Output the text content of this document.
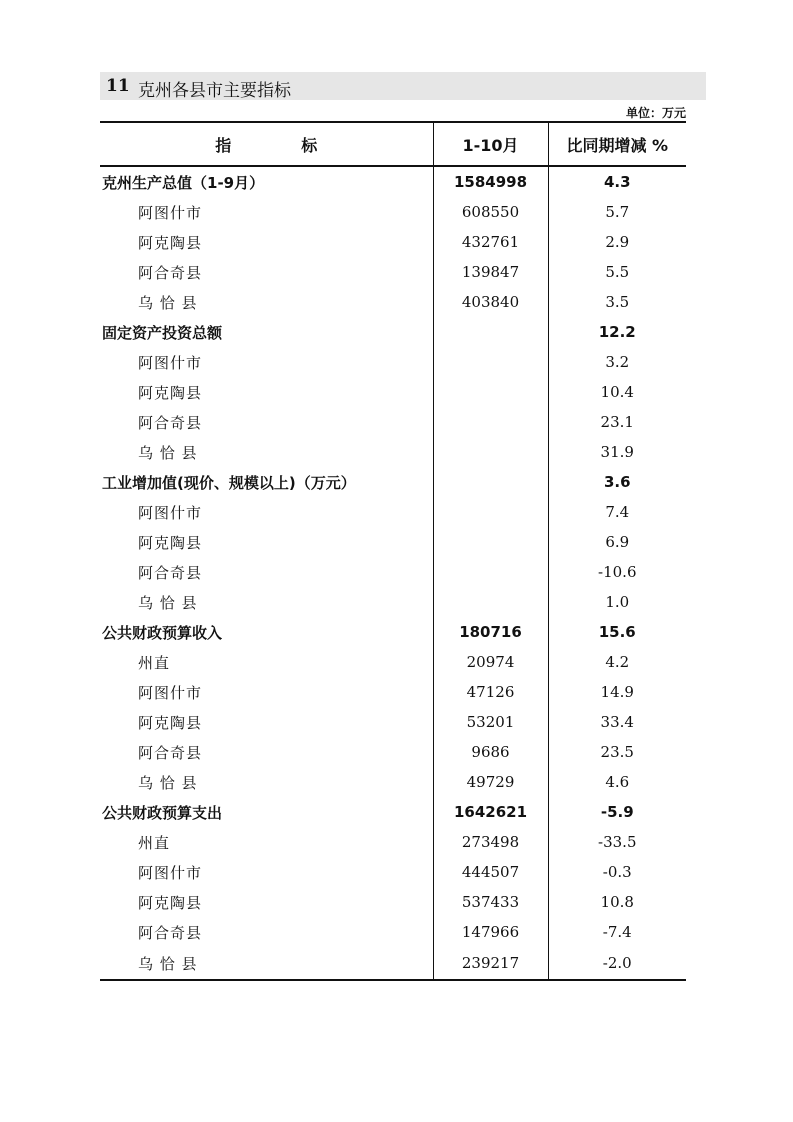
11 克州各县市主要指标
单位：万元
指 标	1-10月	比同期增减 %
克州生产总值（1-9月）	1584998	4.3
阿图什市	608550	5.7
阿克陶县	432761	2.9
阿合奇县	139847	5.5
乌 恰 县	403840	3.5
固定资产投资总额		12.2
阿图什市		3.2
阿克陶县		10.4
阿合奇县		23.1
乌 恰 县		31.9
工业增加值(现价、规模以上)（万元）		3.6
阿图什市		7.4
阿克陶县		6.9
阿合奇县		-10.6
乌 恰 县		1.0
公共财政预算收入	180716	15.6
州直	20974	4.2
阿图什市	47126	14.9
阿克陶县	53201	33.4
阿合奇县	9686	23.5
乌 恰 县	49729	4.6
公共财政预算支出	1642621	-5.9
州直	273498	-33.5
阿图什市	444507	-0.3
阿克陶县	537433	10.8
阿合奇县	147966	-7.4
乌 恰 县	239217	-2.0
